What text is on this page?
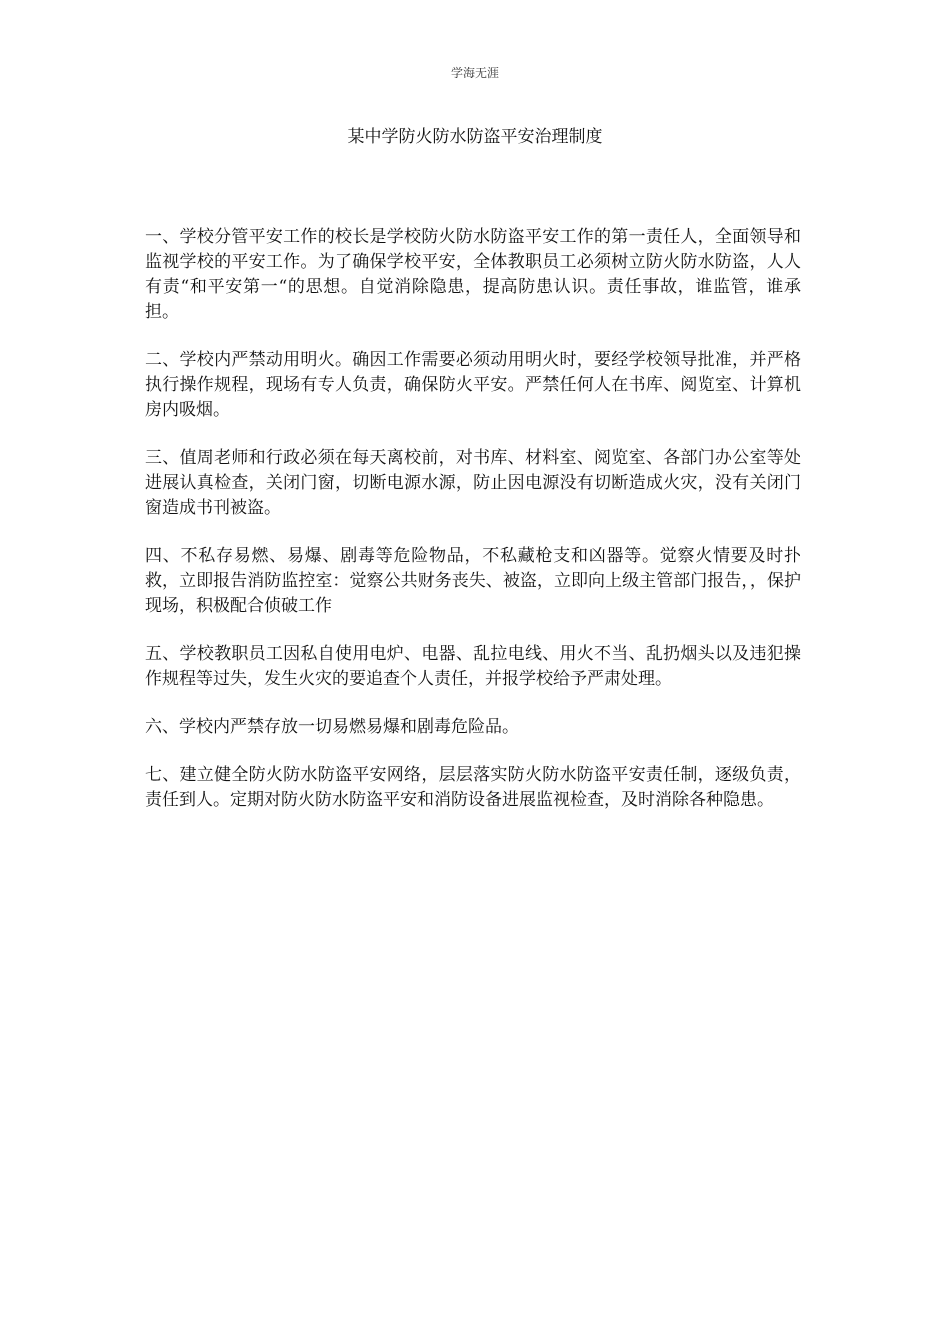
学海无涯
某中学防火防水防盗平安治理制度

一、学校分管平安工作的校长是学校防火防水防盗平安工作的第一责任人，全面领导和监视学校的平安工作。为了确保学校平安，全体教职员工必须树立防火防水防盗，人人有责“和平安第一“的思想。自觉消除隐患，提高防患认识。责任事故，谁监管，谁承担。

二、学校内严禁动用明火。确因工作需要必须动用明火时，要经学校领导批准，并严格执行操作规程，现场有专人负责，确保防火平安。严禁任何人在书库、阅览室、计算机房内吸烟。

三、值周老师和行政必须在每天离校前，对书库、材料室、阅览室、各部门办公室等处进展认真检查，关闭门窗，切断电源水源，防止因电源没有切断造成火灾，没有关闭门窗造成书刊被盗。

四、不私存易燃、易爆、剧毒等危险物品，不私藏枪支和凶器等。觉察火情要及时扑救，立即报告消防监控室：觉察公共财务丧失、被盗，立即向上级主管部门报告，，保护现场，积极配合侦破工作

五、学校教职员工因私自使用电炉、电器、乱拉电线、用火不当、乱扔烟头以及违犯操作规程等过失，发生火灾的要追查个人责任，并报学校给予严肃处理。

六、学校内严禁存放一切易燃易爆和剧毒危险品。

七、建立健全防火防水防盗平安网络，层层落实防火防水防盗平安责任制，逐级负责，责任到人。定期对防火防水防盗平安和消防设备进展监视检查，及时消除各种隐患。
